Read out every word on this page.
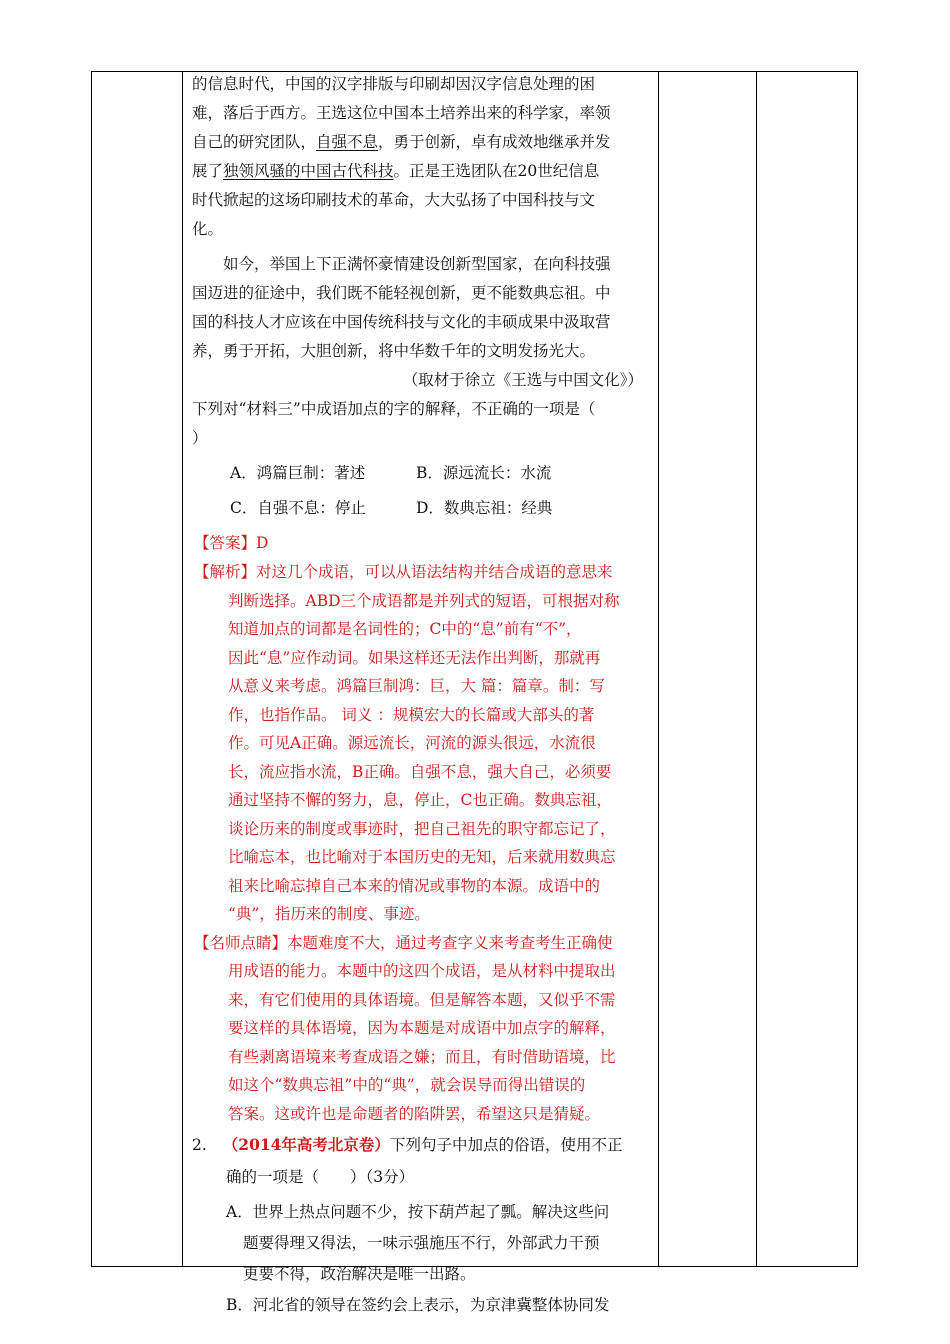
的信息时代，中国的汉字排版与印刷却因汉字信息处理的困
难，落后于西方。王选这位中国本土培养出来的科学家，率领
自己的研究团队，自强不息，勇于创新，卓有成效地继承并发
展了独领风骚的中国古代科技。正是王选团队在20世纪信息
时代掀起的这场印刷技术的革命，大大弘扬了中国科技与文
化。
如今，举国上下正满怀豪情建设创新型国家，在向科技强
国迈进的征途中，我们既不能轻视创新，更不能数典忘祖。中
国的科技人才应该在中国传统科技与文化的丰硕成果中汲取营
养，勇于开拓，大胆创新，将中华数千年的文明发扬光大。
（取材于徐立《王选与中国文化》）
下列对“材料三”中成语加点的字的解释，不正确的一项是（
）
A．鸿篇巨制：著述	B．源远流长：水流
C．自强不息：停止	D．数典忘祖：经典
【答案】D
【解析】对这几个成语，可以从语法结构并结合成语的意思来
判断选择。ABD三个成语都是并列式的短语，可根据对称
知道加点的词都是名词性的；C中的“息”前有“不”，
因此“息”应作动词。如果这样还无法作出判断，那就再
从意义来考虑。鸿篇巨制鸿：巨，大 篇：篇章。制：写
作，也指作品。 词义 ：规模宏大的长篇或大部头的著
作。可见A正确。源远流长，河流的源头很远，水流很
长，流应指水流，B正确。自强不息，强大自己，必须要
通过坚持不懈的努力，息，停止，C也正确。数典忘祖，
谈论历来的制度或事迹时，把自己祖先的职守都忘记了，
比喻忘本，也比喻对于本国历史的无知，后来就用数典忘
祖来比喻忘掉自己本来的情况或事物的本源。成语中的
“典”，指历来的制度、事迹。
【名师点睛】本题难度不大，通过考查字义来考查考生正确使
用成语的能力。本题中的这四个成语，是从材料中提取出
来，有它们使用的具体语境。但是解答本题，又似乎不需
要这样的具体语境，因为本题是对成语中加点字的解释，
有些剥离语境来考查成语之嫌；而且，有时借助语境，比
如这个“数典忘祖”中的“典”，就会误导而得出错误的
答案。这或许也是命题者的陷阱罢，希望这只是猜疑。
2. （2014年高考北京卷）下列句子中加点的俗语，使用不正
确的一项是（　　）（3分）
A．世界上热点问题不少，按下葫芦起了瓢。解决这些问
题要得理又得法，一味示强施压不行，外部武力干预
更要不得，政治解决是唯一出路。
B．河北省的领导在签约会上表示，为京津冀整体协同发
